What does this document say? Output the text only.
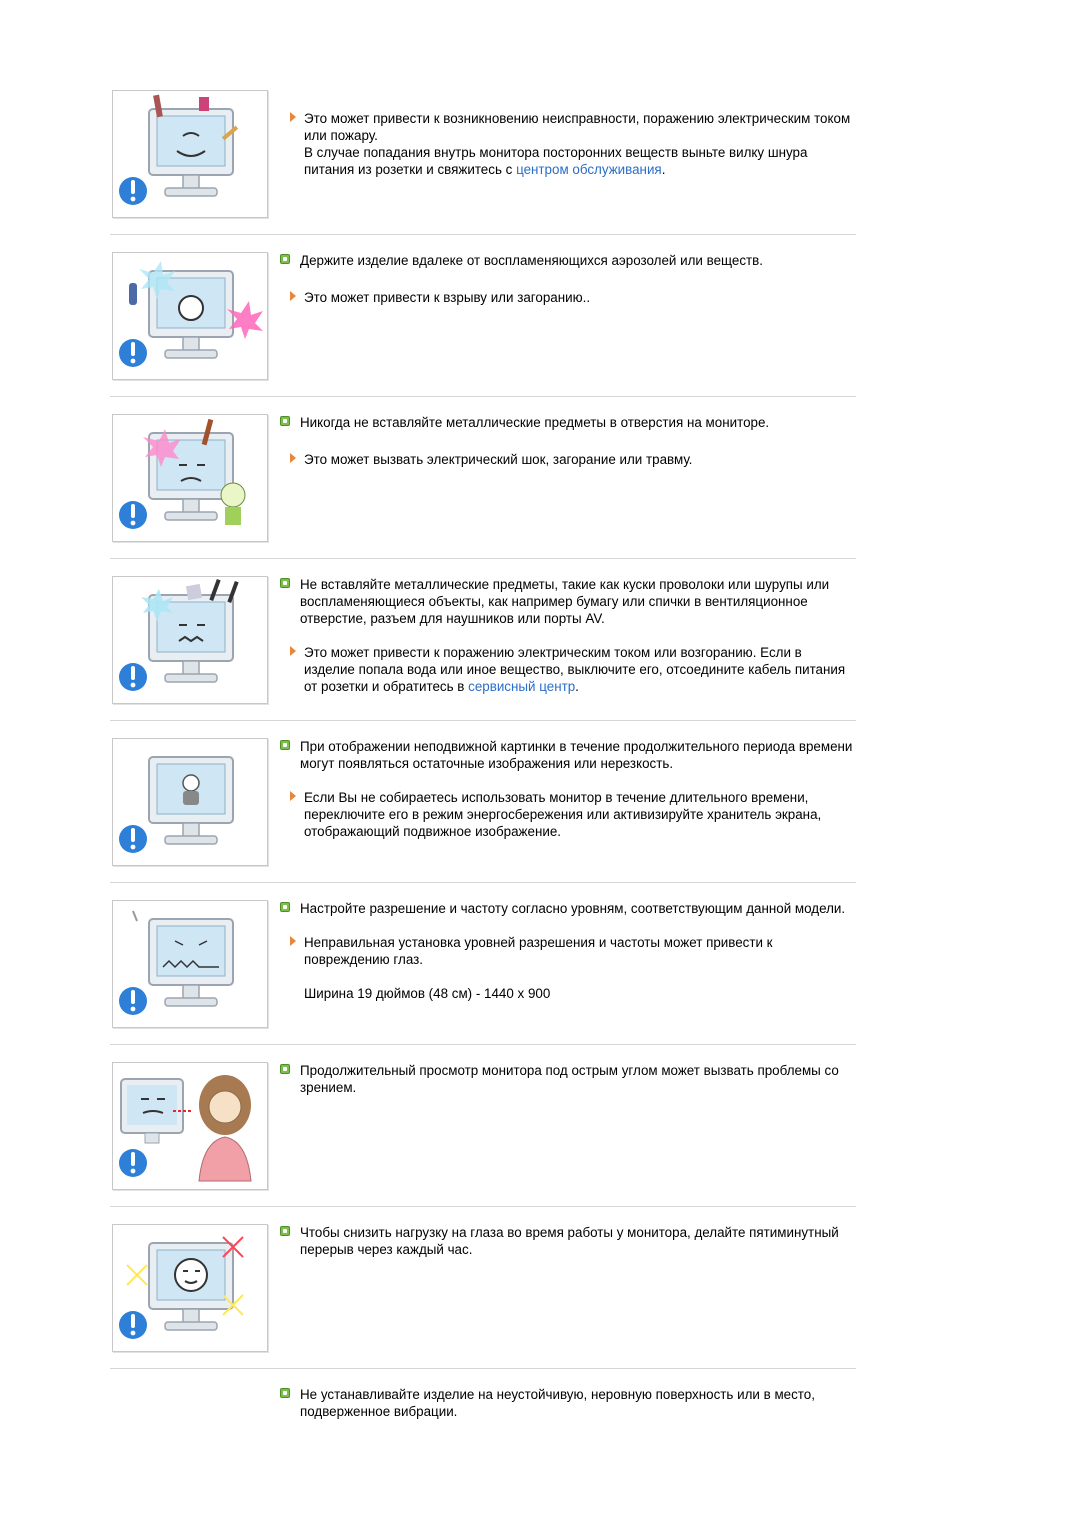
Это может привести к возникновению неисправности, поражению электрическим током или пожару.
В случае попадания внутрь монитора посторонних веществ выньте вилку шнура питания из розетки и свяжитесь с центром обслуживания.
Держите изделие вдалеке от воспламеняющихся аэрозолей или веществ.
Это может привести к взрыву или загоранию..
Никогда не вставляйте металлические предметы в отверстия на мониторе.
Это может вызвать электрический шок, загорание или травму.
Не вставляйте металлические предметы, такие как куски проволоки или шурупы или воспламеняющиеся объекты, как например бумагу или спички в вентиляционное отверстие, разъем для наушников или порты AV.
Это может привести к поражению электрическим током или возгоранию. Если в изделие попала вода или иное вещество, выключите его, отсоедините кабель питания от розетки и обратитесь в сервисный центр.
При отображении неподвижной картинки в течение продолжительного периода времени могут появляться остаточные изображения или нерезкость.
Если Вы не собираетесь использовать монитор в течение длительного времени, переключите его в режим энергосбережения или активизируйте хранитель экрана, отображающий подвижное изображение.
Настройте разрешение и частоту согласно уровням, соответствующим данной модели.
Неправильная установка уровней разрешения и частоты может привести к повреждению глаз.
Ширина 19 дюймов (48 см) - 1440 x 900
Продолжительный просмотр монитора под острым углом может вызвать проблемы со зрением.
Чтобы снизить нагрузку на глаза во время работы у монитора, делайте пятиминутный перерыв через каждый час.
Не устанавливайте изделие на неустойчивую, неровную поверхность или в место, подверженное вибрации.
